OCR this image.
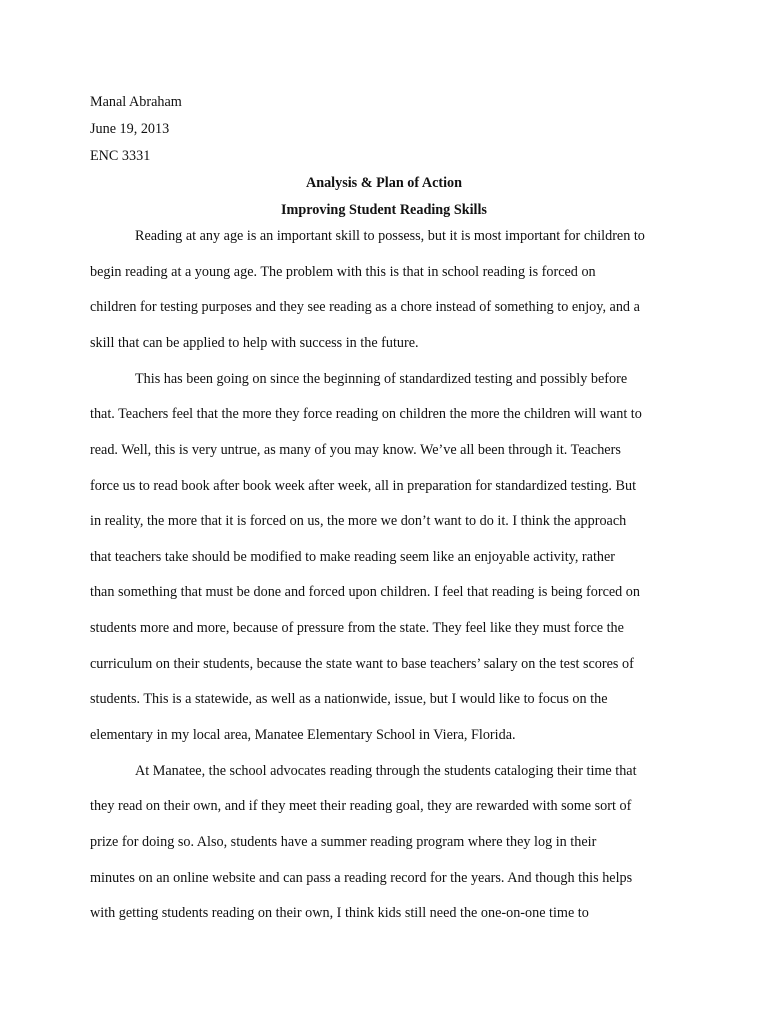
Manal Abraham
June 19, 2013
ENC 3331
Analysis & Plan of Action
Improving Student Reading Skills
Reading at any age is an important skill to possess, but it is most important for children to
begin reading at a young age. The problem with this is that in school reading is forced on
children for testing purposes and they see reading as a chore instead of something to enjoy, and a
skill that can be applied to help with success in the future.
This has been going on since the beginning of standardized testing and possibly before
that. Teachers feel that the more they force reading on children the more the children will want to
read. Well, this is very untrue, as many of you may know. We’ve all been through it. Teachers
force us to read book after book week after week, all in preparation for standardized testing. But
in reality, the more that it is forced on us, the more we don’t want to do it. I think the approach
that teachers take should be modified to make reading seem like an enjoyable activity, rather
than something that must be done and forced upon children. I feel that reading is being forced on
students more and more, because of pressure from the state. They feel like they must force the
curriculum on their students, because the state want to base teachers’ salary on the test scores of
students. This is a statewide, as well as a nationwide, issue, but I would like to focus on the
elementary in my local area, Manatee Elementary School in Viera, Florida.
At Manatee, the school advocates reading through the students cataloging their time that
they read on their own, and if they meet their reading goal, they are rewarded with some sort of
prize for doing so. Also, students have a summer reading program where they log in their
minutes on an online website and can pass a reading record for the years. And though this helps
with getting students reading on their own, I think kids still need the one-on-one time to
